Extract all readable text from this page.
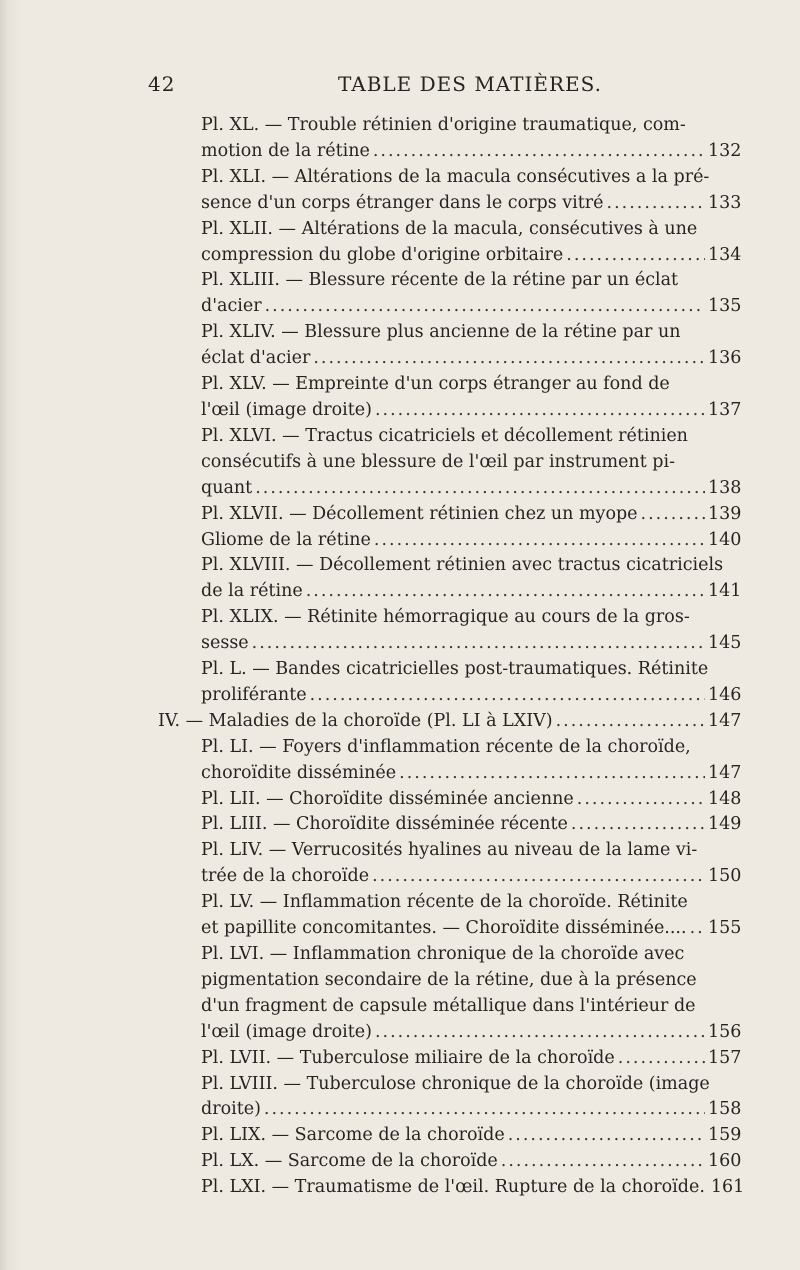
42	TABLE DES MATIÈRES.
Pl. XL. — Trouble rétinien d'origine traumatique, com-
motion de la rétine .....	132
Pl. XLI. — Altérations de la macula consécutives a la pré-
sence d'un corps étranger dans le corps vitré .....	133
Pl. XLII. — Altérations de la macula, consécutives à une
compression du globe d'origine orbitaire .....	134
Pl. XLIII. — Blessure récente de la rétine par un éclat
d'acier .....	135
Pl. XLIV. — Blessure plus ancienne de la rétine par un
éclat d'acier .....	136
Pl. XLV. — Empreinte d'un corps étranger au fond de
l'œil (image droite) .....	137
Pl. XLVI. — Tractus cicatriciels et décollement rétinien
consécutifs à une blessure de l'œil par instrument pi-
quant .....	138
Pl. XLVII. — Décollement rétinien chez un myope .....	139
Gliome de la rétine .....	140
Pl. XLVIII. — Décollement rétinien avec tractus cicatriciels
de la rétine .....	141
Pl. XLIX. — Rétinite hémorragique au cours de la gros-
sesse .....	145
Pl. L. — Bandes cicatricielles post-traumatiques. Rétinite
proliférante .....	146
IV. — Maladies de la choroïde (Pl. LI à LXIV) .....	147
Pl. LI. — Foyers d'inflammation récente de la choroïde,
choroïdite disséminée .....	147
Pl. LII. — Choroïdite disséminée ancienne .....	148
Pl. LIII. — Choroïdite disséminée récente .....	149
Pl. LIV. — Verrucosités hyalines au niveau de la lame vi-
trée de la choroïde .....	150
Pl. LV. — Inflammation récente de la choroïde. Rétinite
et papillite concomitantes. — Choroïdite disséminée.... ..... 155
Pl. LVI. — Inflammation chronique de la choroïde avec
pigmentation secondaire de la rétine, due à la présence
d'un fragment de capsule métallique dans l'intérieur de
l'œil (image droite) .....	156
Pl. LVII. — Tuberculose miliaire de la choroïde .....	157
Pl. LVIII. — Tuberculose chronique de la choroïde (image
droite) .....	158
Pl. LIX. — Sarcome de la choroïde .....	159
Pl. LX. — Sarcome de la choroïde .....	160
Pl. LXI. — Traumatisme de l'œil. Rupture de la choroïde. 161
